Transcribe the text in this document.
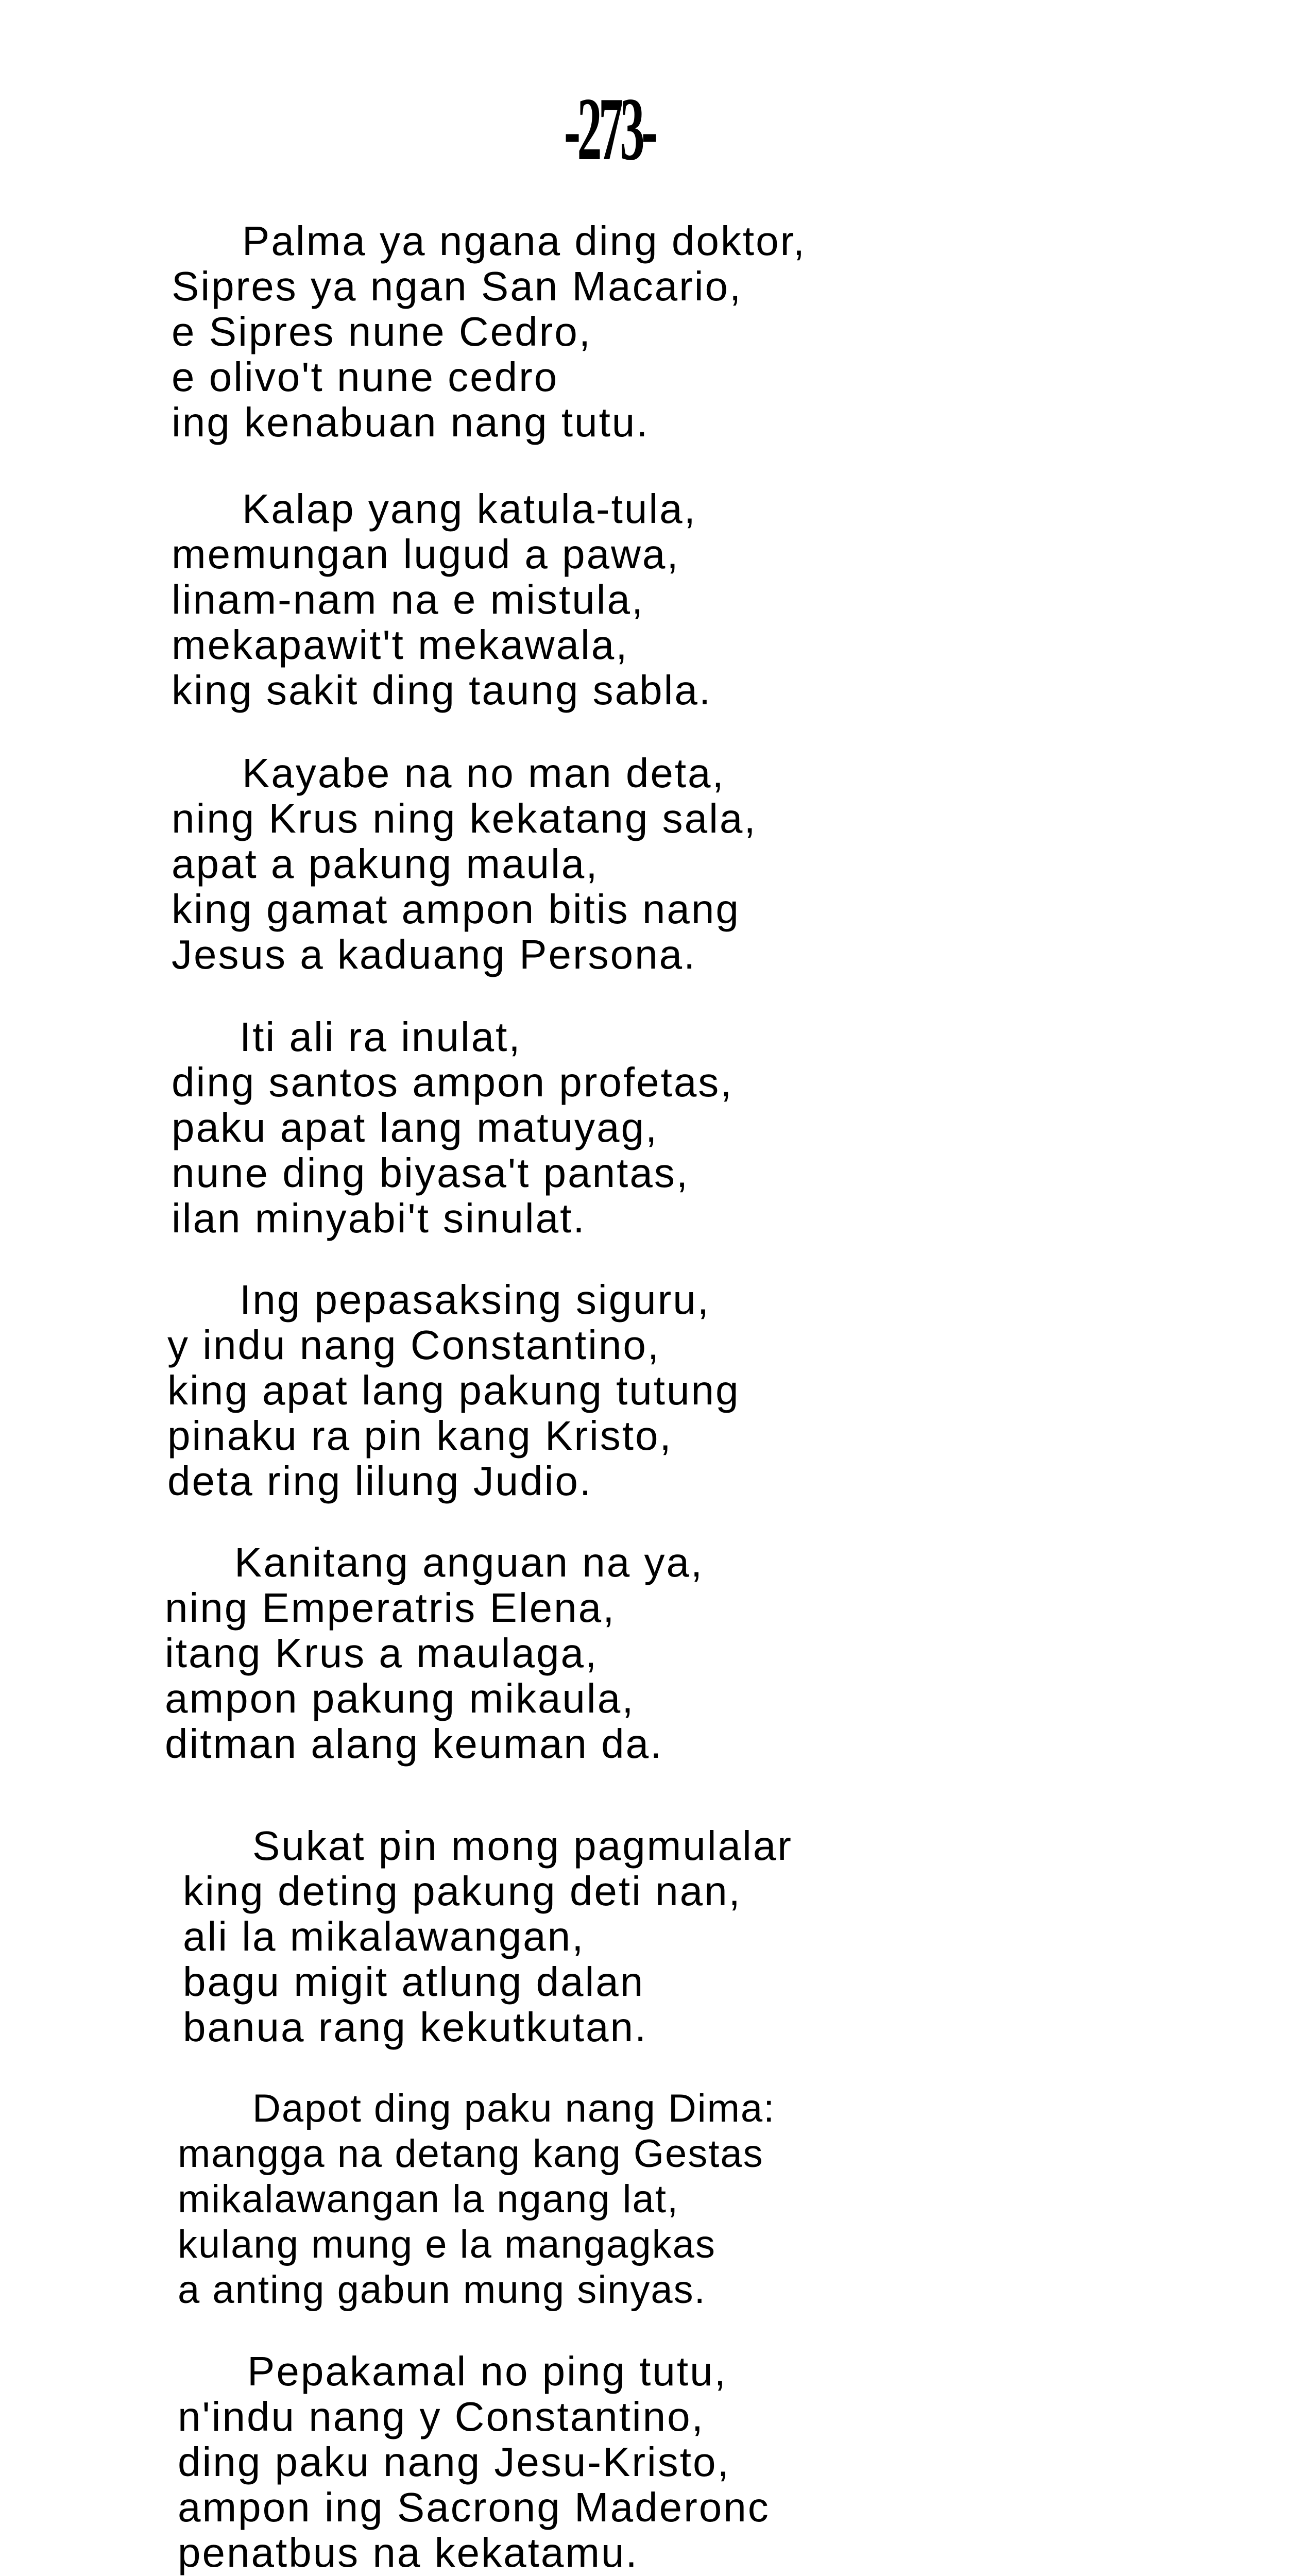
-273-
Palma ya ngana ding doktor,
Sipres ya ngan San Macario,
e Sipres nune Cedro,
e olivo't nune cedro
ing kenabuan nang tutu.
Kalap yang katula-tula,
memungan lugud a pawa,
linam-nam na e mistula,
mekapawit't mekawala,
king sakit ding taung sabla.
Kayabe na no man deta,
ning Krus ning kekatang sala,
apat a pakung maula,
king gamat ampon bitis nang
Jesus a kaduang Persona.
Iti ali ra inulat,
ding santos ampon profetas,
paku apat lang matuyag,
nune ding biyasa't pantas,
ilan minyabi't sinulat.
Ing pepasaksing siguru,
y indu nang Constantino,
king apat lang pakung tutung
pinaku ra pin kang Kristo,
deta ring lilung Judio.
Kanitang anguan na ya,
ning Emperatris Elena,
itang Krus a maulaga,
ampon pakung mikaula,
ditman alang keuman da.
Sukat pin mong pagmulalar
king deting pakung deti nan,
ali la mikalawangan,
bagu migit atlung dalan
banua rang kekutkutan.
Dapot ding paku nang Dima:
mangga na detang kang Gestas
mikalawangan la ngang lat,
kulang mung e la mangagkas
a anting gabun mung sinyas.
Pepakamal no ping tutu,
n'indu nang y Constantino,
ding paku nang Jesu-Kristo,
ampon ing Sacrong Maderonc
penatbus na kekatamu.
